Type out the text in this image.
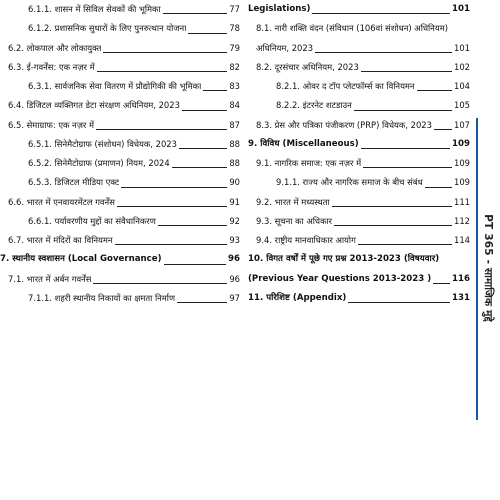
6.1.1. शासन में सिविल सेवकों की भूमिका	77
6.1.2. प्रशासनिक सुधारों के लिए पुनरुत्थान योजना	78
6.2. लोकपाल और लोकायुक्त	79
6.3. ई-गवर्नेंस: एक नज़र में	82
6.3.1. सार्वजनिक सेवा वितरण में प्रौद्योगिकी की भूमिका	83
6.4. डिजिटल व्यक्तिगत डेटा संरक्षण अधिनियम, 2023	84
6.5. सेमाग्राफ: एक नज़र में	87
6.5.1. सिनेमैटोग्राफ (संशोधन) विधेयक, 2023	88
6.5.2. सिनेमैटोग्राफ (प्रमाणन) नियम, 2024	88
6.5.3. डिजिटल मीडिया एक्ट	90
6.6. भारत में एनवायरमेंटल गवर्नेंस	91
6.6.1. पर्यावरणीय मुद्दों का संवैधानिकरण	92
6.7. भारत में मंदिरों का विनियमन	93
7. स्थानीय स्वशासन (Local Governance)	96
7.1. भारत में अर्बन गवर्नेंस	96
7.1.1. शहरी स्थानीय निकायों का क्षमता निर्माण	97
Legislations)	101
8.1. नारी शक्ति वंदन (संविधान (106वां संशोधन) अधिनियम)
अधिनियम, 2023	101
8.2. दूरसंचार अधिनियम, 2023	102
8.2.1. ओवर द टॉप प्लेटफॉर्म्स का विनियमन	104
8.2.2. इंटरनेट शटडाउन	105
8.3. प्रेस और पत्रिका पंजीकरण (PRP) विधेयक, 2023	107
9. विविध (Miscellaneous)	109
9.1. नागरिक समाज: एक नज़र में	109
9.1.1. राज्य और नागरिक समाज के बीच संबंध	109
9.2. भारत में मध्यस्थता	111
9.3. सूचना का अधिकार	112
9.4. राष्ट्रीय मानवाधिकार आयोग	114
10. विगत वर्षों में पूछे गए प्रश्न 2013-2023 (विषयवार)
(Previous Year Questions 2013-2023 ) 116
11. परिशिष्ट (Appendix)	131 PT 365 - सामाजिक मुद्दे
